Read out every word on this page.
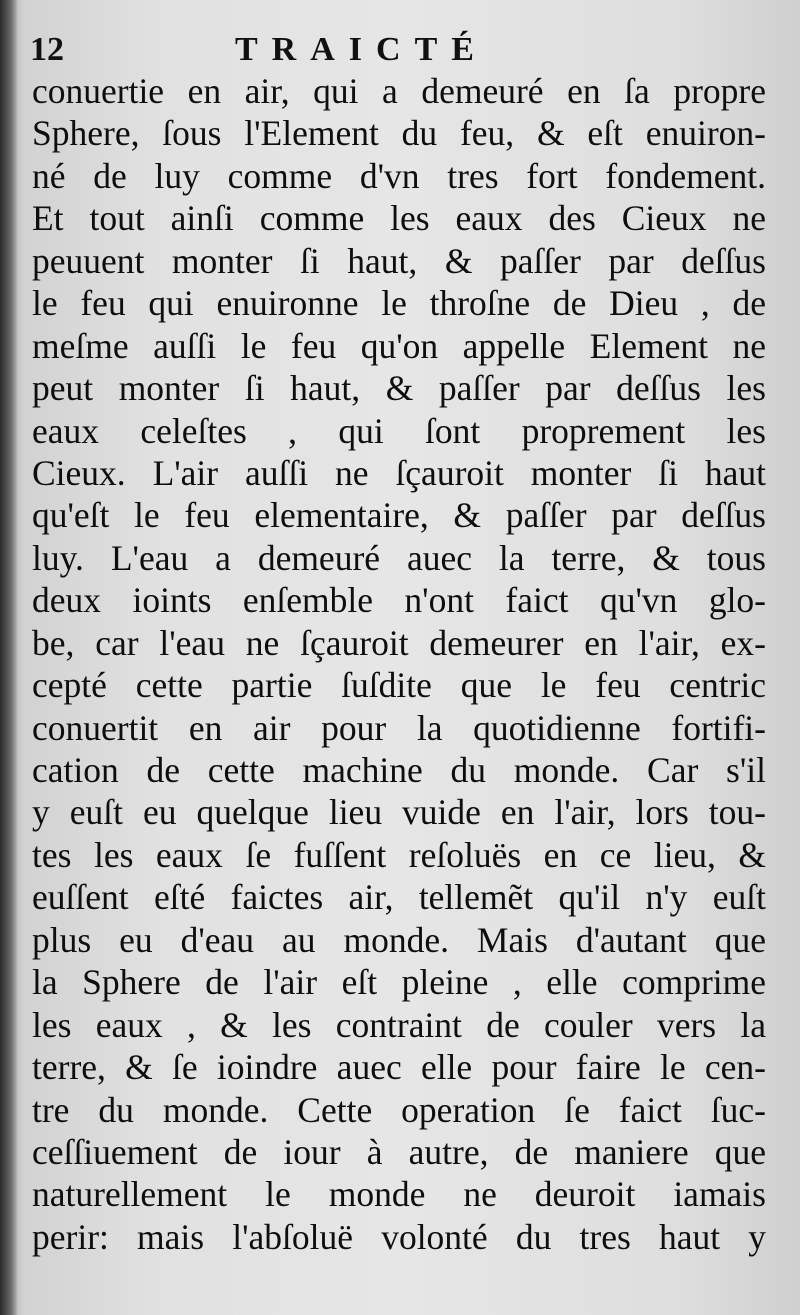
12	TRAICTÉ
conuertie en air, qui a demeuré en ſa propre
Sphere, ſous l'Element du feu, & eſt enuiron-
né de luy comme d'vn tres fort fondement.
Et tout ainſi comme les eaux des Cieux ne
peuuent monter ſi haut, & paſſer par deſſus
le feu qui enuironne le throſne de Dieu , de
meſme auſſi le feu qu'on appelle Element ne
peut monter ſi haut, & paſſer par deſſus les
eaux celeſtes , qui ſont proprement les
Cieux. L'air auſſi ne ſçauroit monter ſi haut
qu'eſt le feu elementaire, & paſſer par deſſus
luy. L'eau a demeuré auec la terre, & tous
deux ioints enſemble n'ont faict qu'vn glo-
be, car l'eau ne ſçauroit demeurer en l'air, ex-
cepté cette partie ſuſdite que le feu centric
conuertit en air pour la quotidienne fortifi-
cation de cette machine du monde. Car s'il
y euſt eu quelque lieu vuide en l'air, lors tou-
tes les eaux ſe fuſſent reſoluës en ce lieu, &
euſſent eſté faictes air, tellemẽt qu'il n'y euſt
plus eu d'eau au monde. Mais d'autant que
la Sphere de l'air eſt pleine , elle comprime
les eaux , & les contraint de couler vers la
terre, & ſe ioindre auec elle pour faire le cen-
tre du monde. Cette operation ſe faict ſuc-
ceſſiuement de iour à autre, de maniere que
naturellement le monde ne deuroit iamais
perir: mais l'abſoluë volonté du tres haut y
